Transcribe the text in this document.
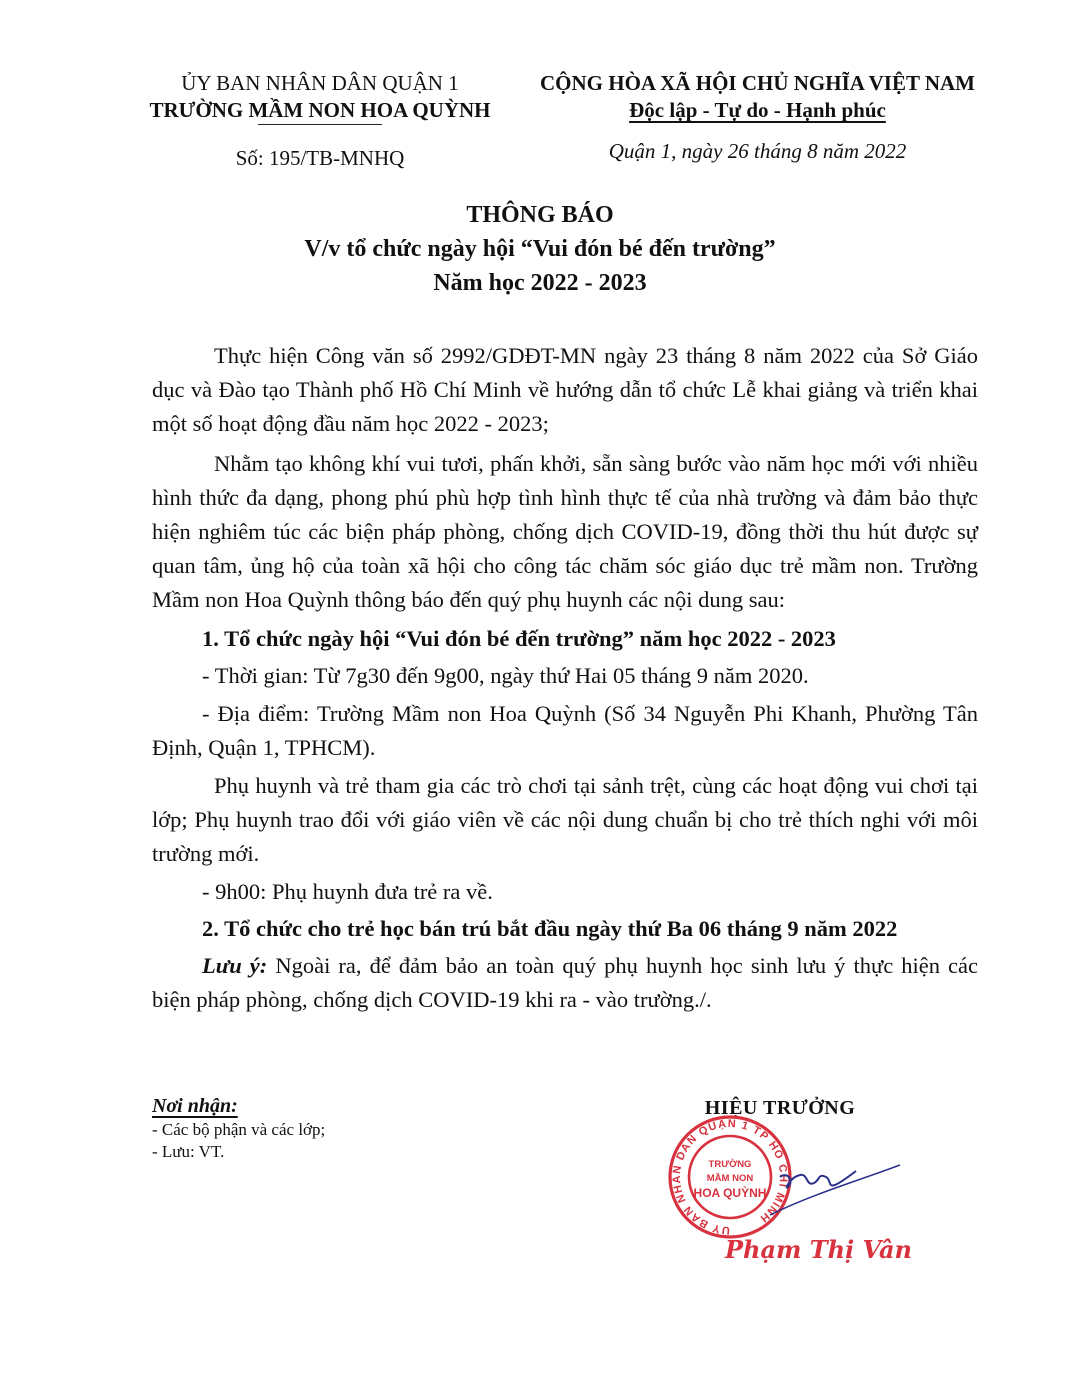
ỦY BAN NHÂN DÂN QUẬN 1
TRƯỜNG MẦM NON HOA QUỲNH
Số: 195/TB-MNHQ
CỘNG HÒA XÃ HỘI CHỦ NGHĨA VIỆT NAM
Độc lập - Tự do - Hạnh phúc
Quận 1, ngày 26 tháng 8 năm 2022
THÔNG BÁO
V/v tổ chức ngày hội “Vui đón bé đến trường”
Năm học 2022 - 2023
Thực hiện Công văn số 2992/GDĐT-MN ngày 23 tháng 8 năm 2022 của Sở Giáo dục và Đào tạo Thành phố Hồ Chí Minh về hướng dẫn tổ chức Lễ khai giảng và triển khai một số hoạt động đầu năm học 2022 - 2023;
Nhằm tạo không khí vui tươi, phấn khởi, sẵn sàng bước vào năm học mới với nhiều hình thức đa dạng, phong phú phù hợp tình hình thực tế của nhà trường và đảm bảo thực hiện nghiêm túc các biện pháp phòng, chống dịch COVID-19, đồng thời thu hút được sự quan tâm, ủng hộ của toàn xã hội cho công tác chăm sóc giáo dục trẻ mầm non. Trường Mầm non Hoa Quỳnh thông báo đến quý phụ huynh các nội dung sau:
1. Tổ chức ngày hội “Vui đón bé đến trường” năm học 2022 - 2023
- Thời gian: Từ 7g30 đến 9g00, ngày thứ Hai 05 tháng 9 năm 2020.
- Địa điểm: Trường Mầm non Hoa Quỳnh (Số 34 Nguyễn Phi Khanh, Phường Tân Định, Quận 1, TPHCM).
Phụ huynh và trẻ tham gia các trò chơi tại sảnh trệt, cùng các hoạt động vui chơi tại lớp; Phụ huynh trao đổi với giáo viên về các nội dung chuẩn bị cho trẻ thích nghi với môi trường mới.
- 9h00: Phụ huynh đưa trẻ ra về.
2. Tổ chức cho trẻ học bán trú bắt đầu ngày thứ Ba 06 tháng 9 năm 2022
Lưu ý: Ngoài ra, để đảm bảo an toàn quý phụ huynh học sinh lưu ý thực hiện các biện pháp phòng, chống dịch COVID-19 khi ra - vào trường./.
Nơi nhận:
- Các bộ phận và các lớp;
- Lưu: VT.
HIỆU TRƯỞNG
ỦY BAN NHÂN DÂN QUẬN 1 TP HỒ CHÍ MINH
TRƯỜNG
MẦM NON
HOA QUỲNH
Phạm Thị Vân
